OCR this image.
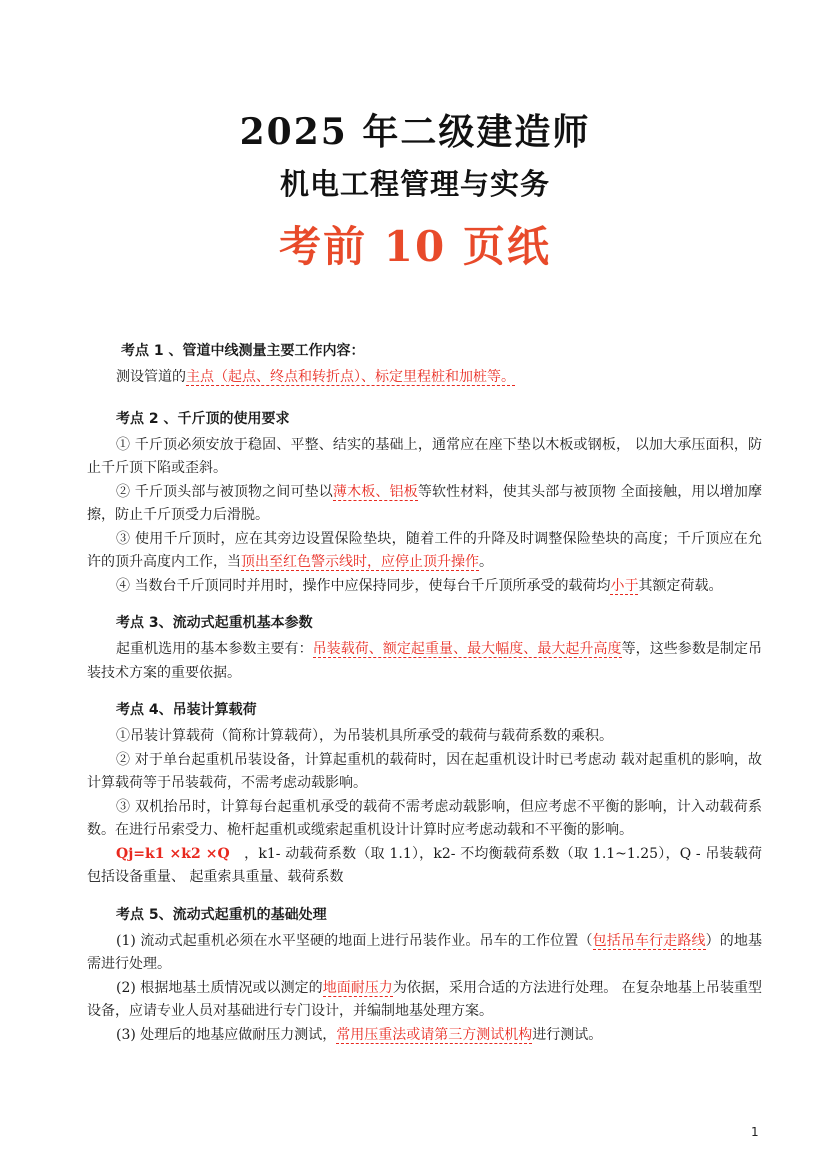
2025 年二级建造师
机电工程管理与实务
考前 10 页纸
考点 1 、管道中线测量主要工作内容：

测设管道的主点（起点、终点和转折点）、标定里程桩和加桩等。

考点 2 、千斤顶的使用要求

① 千斤顶必须安放于稳固、平整、结实的基础上，通常应在座下垫以木板或钢板， 以加大承压面积，防止千斤顶下陷或歪斜。

② 千斤顶头部与被顶物之间可垫以薄木板、铝板等软性材料，使其头部与被顶物 全面接触，用以增加摩擦，防止千斤顶受力后滑脱。

③ 使用千斤顶时，应在其旁边设置保险垫块，随着工件的升降及时调整保险垫块的高度；千斤顶应在允许的顶升高度内工作，当顶出至红色警示线时，应停止顶升操作。

④ 当数台千斤顶同时并用时，操作中应保持同步，使每台千斤顶所承受的载荷均小于其额定荷载。

考点 3、流动式起重机基本参数

起重机选用的基本参数主要有：吊装载荷、额定起重量、最大幅度、最大起升高度等，这些参数是制定吊装技术方案的重要依据。

考点 4、吊装计算载荷

①吊装计算载荷（简称计算载荷），为吊装机具所承受的载荷与载荷系数的乘积。

② 对于单台起重机吊装设备，计算起重机的载荷时，因在起重机设计时已考虑动 载对起重机的影响，故计算载荷等于吊装载荷，不需考虑动载影响。

③ 双机抬吊时，计算每台起重机承受的载荷不需考虑动载影响，但应考虑不平衡的影响，计入动载荷系数。在进行吊索受力、桅杆起重机或缆索起重机设计计算时应考虑动载和不平衡的影响。

Qj=k1 ×k2 ×Q　，k1- 动载荷系数（取 1.1），k2- 不均衡载荷系数（取 1.1~1.25），Q - 吊装载荷包括设备重量、 起重索具重量、载荷系数

考点 5、流动式起重机的基础处理

(1) 流动式起重机必须在水平坚硬的地面上进行吊装作业。吊车的工作位置（包括吊车行走路线）的地基需进行处理。

(2) 根据地基土质情况或以测定的地面耐压力为依据，采用合适的方法进行处理。 在复杂地基上吊装重型设备，应请专业人员对基础进行专门设计，并编制地基处理方案。

(3) 处理后的地基应做耐压力测试，常用压重法或请第三方测试机构进行测试。

1
